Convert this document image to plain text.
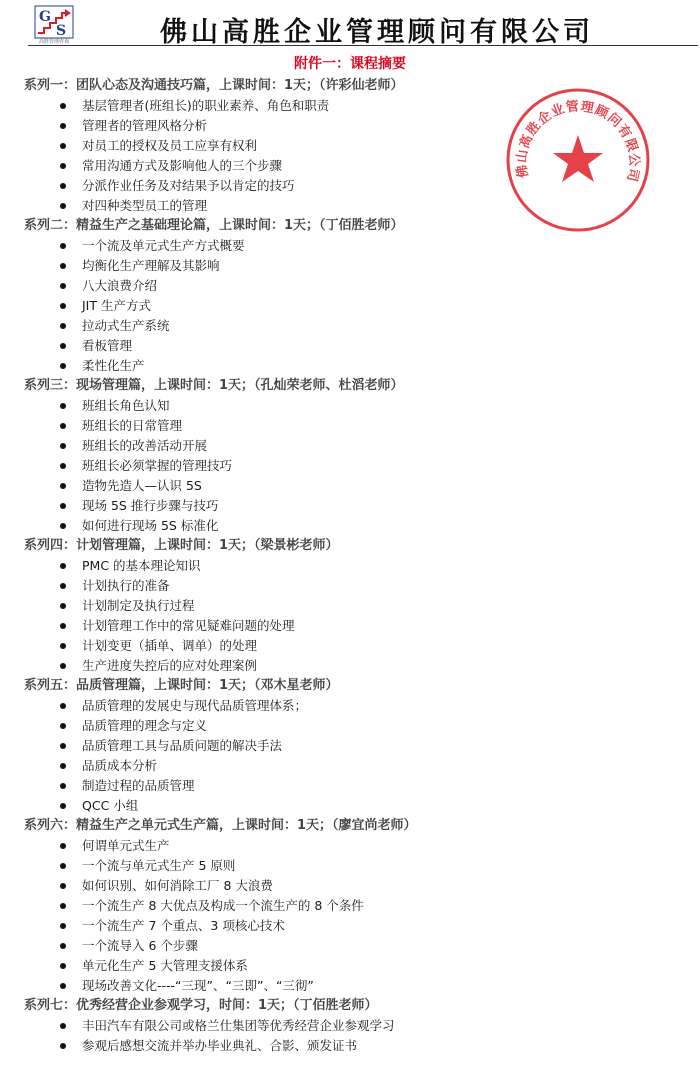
G
S
高胜管理咨询	佛山高胜企业管理顾问有限公司
附件一：课程摘要
系列一：团队心态及沟通技巧篇，上课时间：1天；（许彩仙老师）
基层管理者(班组长)的职业素养、角色和职责
管理者的管理风格分析
对员工的授权及员工应享有权利
常用沟通方式及影响他人的三个步骤
分派作业任务及对结果予以肯定的技巧
对四种类型员工的管理
系列二：精益生产之基础理论篇，上课时间：1天；（丁佰胜老师）
一个流及单元式生产方式概要
均衡化生产理解及其影响
八大浪费介绍
JIT 生产方式
拉动式生产系统
看板管理
柔性化生产
系列三：现场管理篇，上课时间：1天；（孔灿荣老师、杜滔老师）
班组长角色认知
班组长的日常管理
班组长的改善活动开展
班组长必须掌握的管理技巧
造物先造人—认识 5S
现场 5S 推行步骤与技巧
如何进行现场 5S 标准化
系列四：计划管理篇，上课时间：1天；（梁景彬老师）
PMC 的基本理论知识
计划执行的准备
计划制定及执行过程
计划管理工作中的常见疑难问题的处理
计划变更（插单、调单）的处理
生产进度失控后的应对处理案例
系列五：品质管理篇，上课时间：1天；（邓木星老师）
品质管理的发展史与现代品质管理体系；
品质管理的理念与定义
品质管理工具与品质问题的解决手法
品质成本分析
制造过程的品质管理
QCC 小组
系列六：精益生产之单元式生产篇，上课时间：1天；（廖宜尚老师）
何谓单元式生产
一个流与单元式生产 5 原则
如何识别、如何消除工厂 8 大浪费
一个流生产 8 大优点及构成一个流生产的 8 个条件
一个流生产 7 个重点、3 项核心技术
一个流导入 6 个步骤
单元化生产 5 大管理支援体系
现场改善文化----“三现”、“三即”、“三彻”
系列七：优秀经营企业参观学习，时间：1天；（丁佰胜老师）
丰田汽车有限公司或格兰仕集团等优秀经营企业参观学习
参观后感想交流并举办毕业典礼、合影、颁发证书
佛山高胜企业管理顾问有限公司
